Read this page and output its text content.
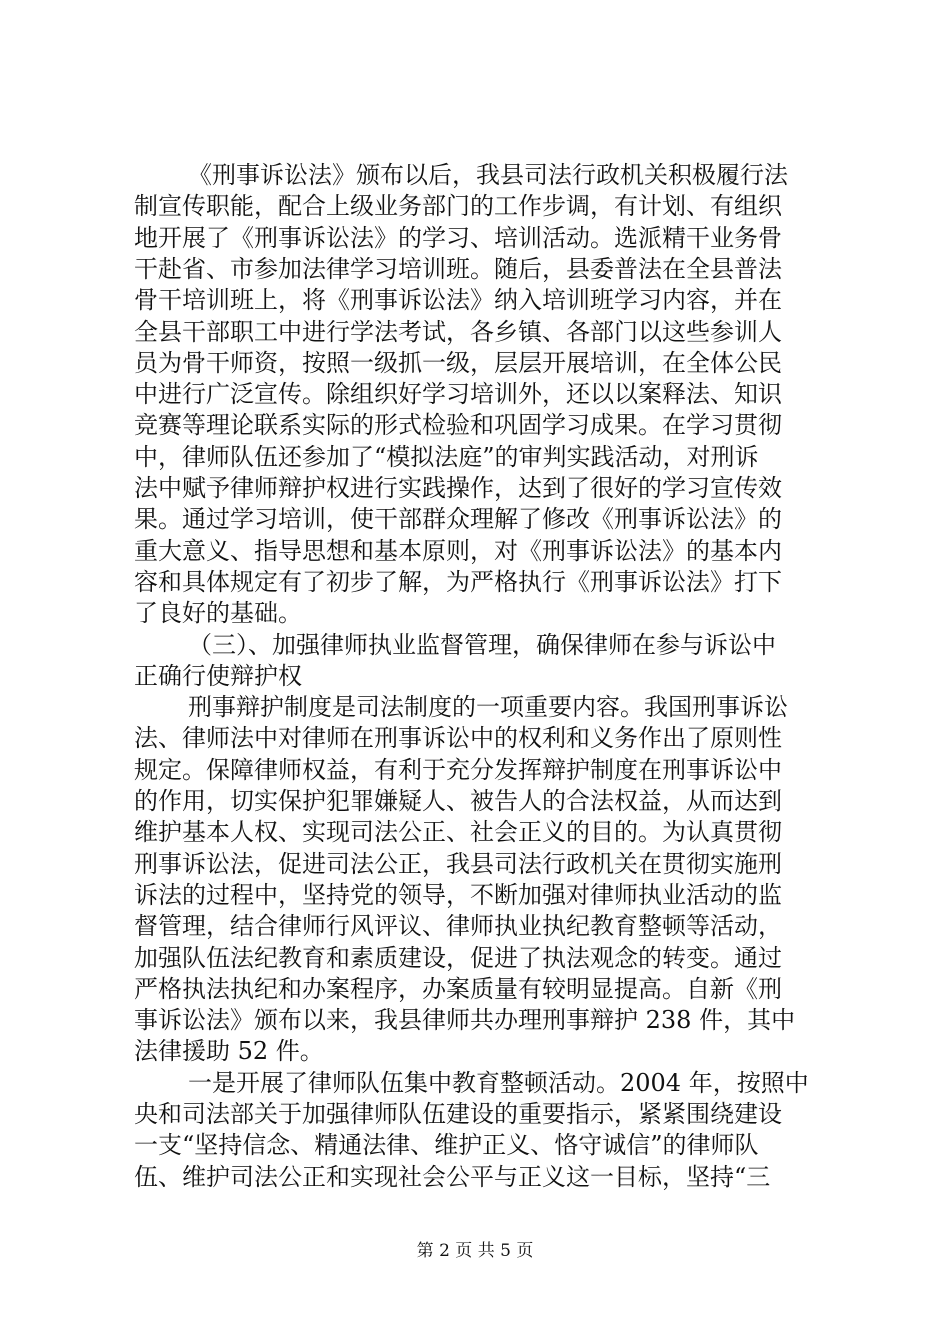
《刑事诉讼法》颁布以后，我县司法行政机关积极履行法
制宣传职能，配合上级业务部门的工作步调，有计划、有组织
地开展了《刑事诉讼法》的学习、培训活动。选派精干业务骨
干赴省、市参加法律学习培训班。随后，县委普法在全县普法
骨干培训班上，将《刑事诉讼法》纳入培训班学习内容，并在
全县干部职工中进行学法考试，各乡镇、各部门以这些参训人
员为骨干师资，按照一级抓一级，层层开展培训，在全体公民
中进行广泛宣传。除组织好学习培训外，还以以案释法、知识
竞赛等理论联系实际的形式检验和巩固学习成果。在学习贯彻
中，律师队伍还参加了“模拟法庭”的审判实践活动，对刑诉
法中赋予律师辩护权进行实践操作，达到了很好的学习宣传效
果。通过学习培训，使干部群众理解了修改《刑事诉讼法》的
重大意义、指导思想和基本原则，对《刑事诉讼法》的基本内
容和具体规定有了初步了解，为严格执行《刑事诉讼法》打下
了良好的基础。
（三）、加强律师执业监督管理，确保律师在参与诉讼中
正确行使辩护权
刑事辩护制度是司法制度的一项重要内容。我国刑事诉讼
法、律师法中对律师在刑事诉讼中的权利和义务作出了原则性
规定。保障律师权益，有利于充分发挥辩护制度在刑事诉讼中
的作用，切实保护犯罪嫌疑人、被告人的合法权益，从而达到
维护基本人权、实现司法公正、社会正义的目的。为认真贯彻
刑事诉讼法，促进司法公正，我县司法行政机关在贯彻实施刑
诉法的过程中，坚持党的领导，不断加强对律师执业活动的监
督管理，结合律师行风评议、律师执业执纪教育整顿等活动，
加强队伍法纪教育和素质建设，促进了执法观念的转变。通过
严格执法执纪和办案程序，办案质量有较明显提高。自新《刑
事诉讼法》颁布以来，我县律师共办理刑事辩护 238 件，其中
法律援助 52 件。
一是开展了律师队伍集中教育整顿活动。2004 年，按照中
央和司法部关于加强律师队伍建设的重要指示，紧紧围绕建设
一支“坚持信念、精通法律、维护正义、恪守诚信”的律师队
伍、维护司法公正和实现社会公平与正义这一目标，坚持“三
第 2 页 共 5 页
